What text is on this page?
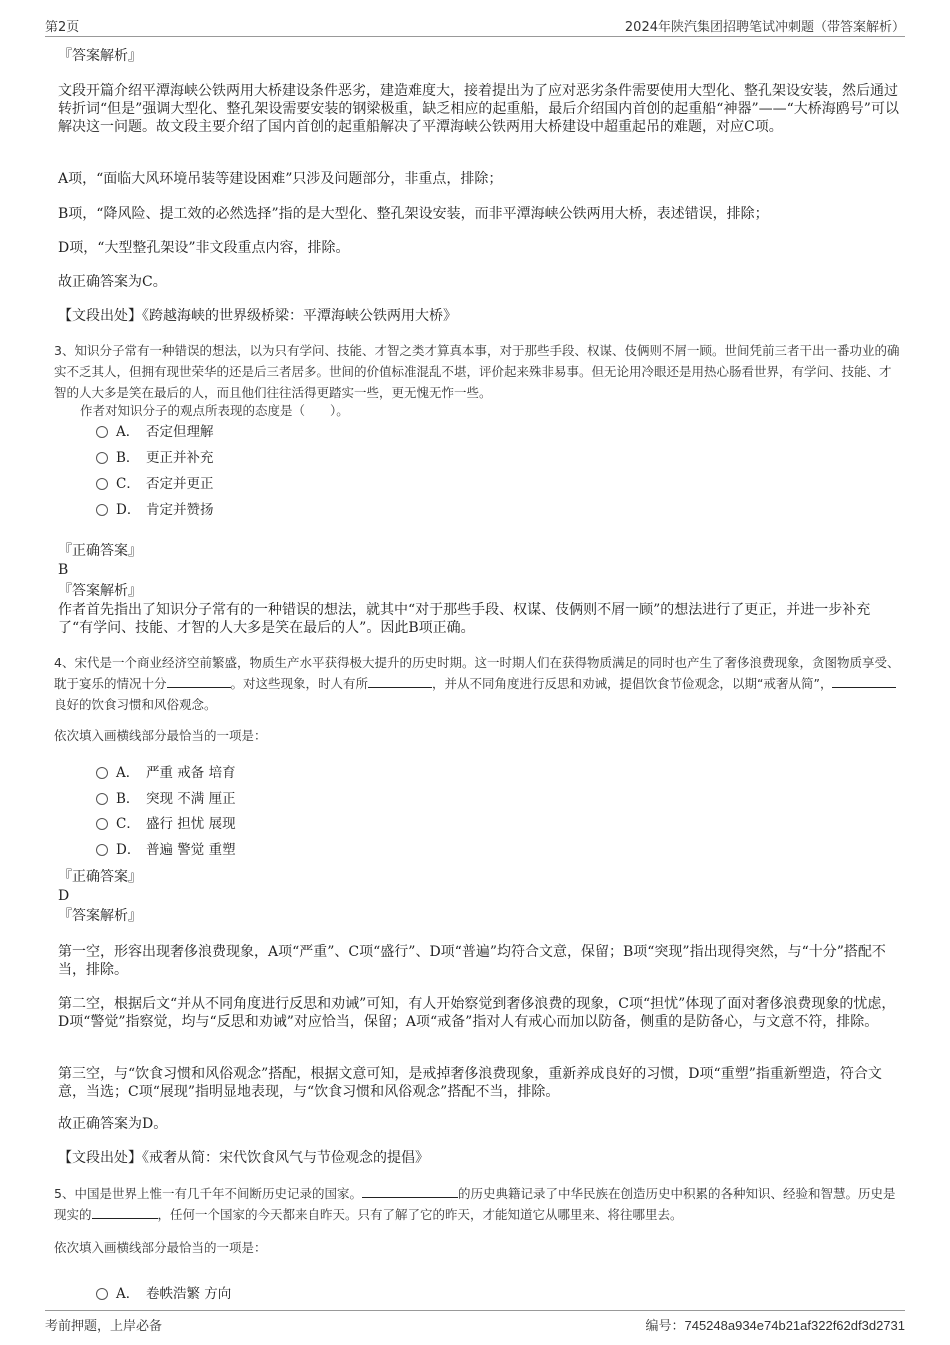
第2页	2024年陕汽集团招聘笔试冲刺题（带答案解析）
『答案解析』
文段开篇介绍平潭海峡公铁两用大桥建设条件恶劣，建造难度大，接着提出为了应对恶劣条件需要使用大型化、整孔架设安装，然后通过转折词“但是”强调大型化、整孔架设需要安装的钢梁极重，缺乏相应的起重船，最后介绍国内首创的起重船“神器”——“大桥海鸥号”可以解决这一问题。故文段主要介绍了国内首创的起重船解决了平潭海峡公铁两用大桥建设中超重起吊的难题，对应C项。
A项，“面临大风环境吊装等建设困难”只涉及问题部分，非重点，排除；
B项，“降风险、提工效的必然选择”指的是大型化、整孔架设安装，而非平潭海峡公铁两用大桥，表述错误，排除；
D项，“大型整孔架设”非文段重点内容，排除。
故正确答案为C。
【文段出处】《跨越海峡的世界级桥梁：平潭海峡公铁两用大桥》
3、知识分子常有一种错误的想法，以为只有学问、技能、才智之类才算真本事，对于那些手段、权谋、伎俩则不屑一顾。世间凭前三者干出一番功业的确实不乏其人，但拥有现世荣华的还是后三者居多。世间的价值标准混乱不堪，评价起来殊非易事。但无论用冷眼还是用热心肠看世界，有学问、技能、才智的人大多是笑在最后的人，而且他们往往活得更踏实一些，更无愧无怍一些。
作者对知识分子的观点所表现的态度是（　　）。
A． 否定但理解
B． 更正并补充
C． 否定并更正
D． 肯定并赞扬
『正确答案』
B
『答案解析』
作者首先指出了知识分子常有的一种错误的想法，就其中“对于那些手段、权谋、伎俩则不屑一顾”的想法进行了更正，并进一步补充了“有学问、技能、才智的人大多是笑在最后的人”。因此B项正确。
4、宋代是一个商业经济空前繁盛，物质生产水平获得极大提升的历史时期。这一时期人们在获得物质满足的同时也产生了奢侈浪费现象，贪图物质享受、耽于宴乐的情况十分	。对这些现象，时人有所	，并从不同角度进行反思和劝诫，提倡饮食节俭观念，以期“戒奢从简”，良好的饮食习惯和风俗观念。
依次填入画横线部分最恰当的一项是：
A． 严重 戒备 培育
B． 突现 不满 厘正
C． 盛行 担忧 展现
D． 普遍 警觉 重塑
『正确答案』
D
『答案解析』
第一空，形容出现奢侈浪费现象，A项“严重”、C项“盛行”、D项“普遍”均符合文意，保留；B项“突现”指出现得突然，与“十分”搭配不当，排除。
第二空，根据后文“并从不同角度进行反思和劝诫”可知，有人开始察觉到奢侈浪费的现象，C项“担忧”体现了面对奢侈浪费现象的忧虑，D项“警觉”指察觉，均与“反思和劝诫”对应恰当，保留；A项“戒备”指对人有戒心而加以防备，侧重的是防备心，与文意不符，排除。
第三空，与“饮食习惯和风俗观念”搭配，根据文意可知，是戒掉奢侈浪费现象，重新养成良好的习惯，D项“重塑”指重新塑造，符合文意，当选；C项“展现”指明显地表现，与“饮食习惯和风俗观念”搭配不当，排除。
故正确答案为D。
【文段出处】《戒奢从简：宋代饮食风气与节俭观念的提倡》
5、中国是世界上惟一有几千年不间断历史记录的国家。	的历史典籍记录了中华民族在创造历史中积累的各种知识、经验和智慧。历史是现实的	，任何一个国家的今天都来自昨天。只有了解了它的昨天，才能知道它从哪里来、将往哪里去。
依次填入画横线部分最恰当的一项是：
A． 卷帙浩繁 方向
考前押题，上岸必备	编号：745248a934e74b21af322f62df3d2731
